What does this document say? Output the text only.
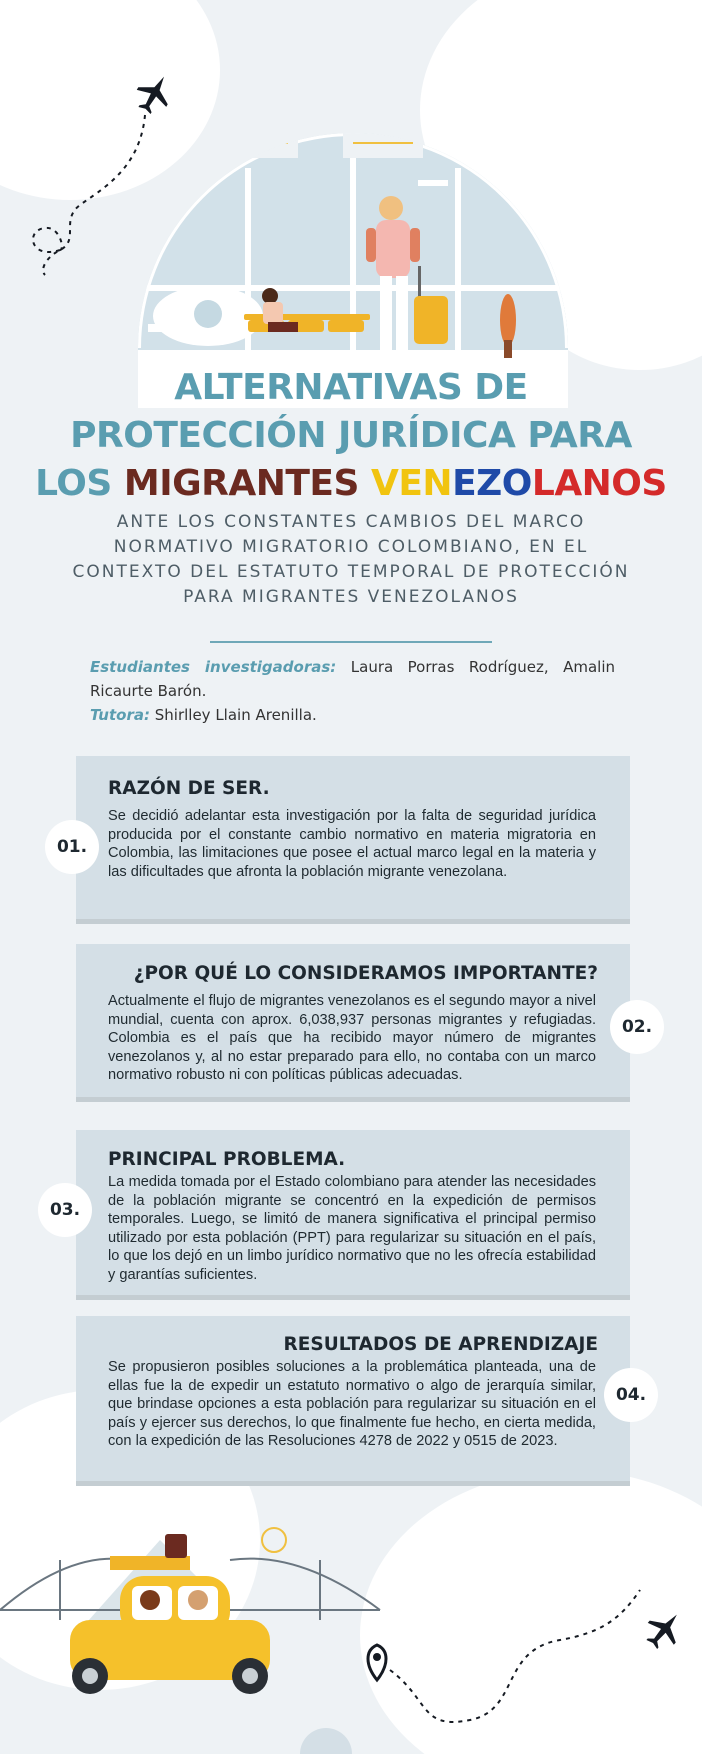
ALTERNATIVAS DE
PROTECCIÓN JURÍDICA PARA
LOS MIGRANTES VENEZOLANOS
ANTE LOS CONSTANTES CAMBIOS DEL MARCO NORMATIVO MIGRATORIO COLOMBIANO, EN EL CONTEXTO DEL ESTATUTO TEMPORAL DE PROTECCIÓN PARA MIGRANTES VENEZOLANOS
Estudiantes investigadoras: Laura Porras Rodríguez, Amalin Ricaurte Barón.
Tutora: Shirlley Llain Arenilla.
RAZÓN DE SER.
Se decidió adelantar esta investigación por la falta de seguridad jurídica producida por el constante cambio normativo en materia migratoria en Colombia, las limitaciones que posee el actual marco legal en la materia y las dificultades que afronta la población migrante venezolana.
01.
¿POR QUÉ LO CONSIDERAMOS IMPORTANTE?
Actualmente el flujo de migrantes venezolanos es el segundo mayor a nivel mundial, cuenta con aprox. 6,038,937 personas migrantes y refugiadas. Colombia es el país que ha recibido mayor número de migrantes venezolanos y, al no estar preparado para ello, no contaba con un marco normativo robusto ni con políticas públicas adecuadas.
02.
PRINCIPAL PROBLEMA.
La medida tomada por el Estado colombiano para atender las necesidades de la población migrante se concentró en la expedición de permisos temporales. Luego, se limitó de manera significativa el principal permiso utilizado por esta población (PPT) para regularizar su situación en el país, lo que los dejó en un limbo jurídico normativo que no les ofrecía estabilidad y garantías suficientes.
03.
RESULTADOS DE APRENDIZAJE
Se propusieron posibles soluciones a la problemática planteada, una de ellas fue la de expedir un estatuto normativo o algo de jerarquía similar, que brindase opciones a esta población para regularizar su situación en el país y ejercer sus derechos, lo que finalmente fue hecho, en cierta medida, con la expedición de las Resoluciones 4278 de 2022 y 0515 de 2023.
04.
